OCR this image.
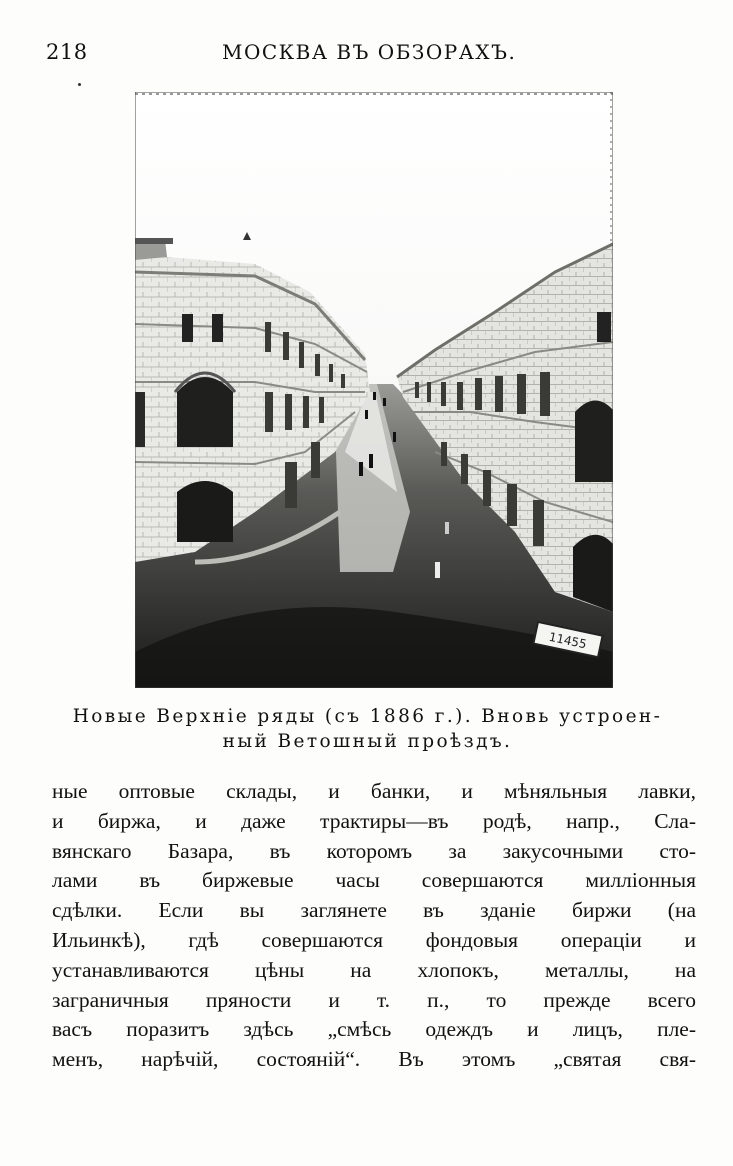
218	МОСКВА ВЪ ОБЗОРАХЪ.
11455
Новые Верхніе ряды (съ 1886 г.). Вновь устроен-
ный Ветошный проѣздъ.
ные оптовые склады, и банки, и мѣняльныя лавки,
и биржа, и даже трактиры—въ родѣ, напр., Сла-
вянскаго Базара, въ которомъ за закусочными сто-
лами въ биржевые часы совершаются милліонныя
сдѣлки. Если вы заглянете въ зданіе биржи (на
Ильинкѣ), гдѣ совершаются фондовыя операціи и
устанавливаются цѣны на хлопокъ, металлы, на
заграничныя пряности и т. п., то прежде всего
васъ поразитъ здѣсь „смѣсь одеждъ и лицъ, пле-
менъ, нарѣчій, состояній“. Въ этомъ „святая свя-
